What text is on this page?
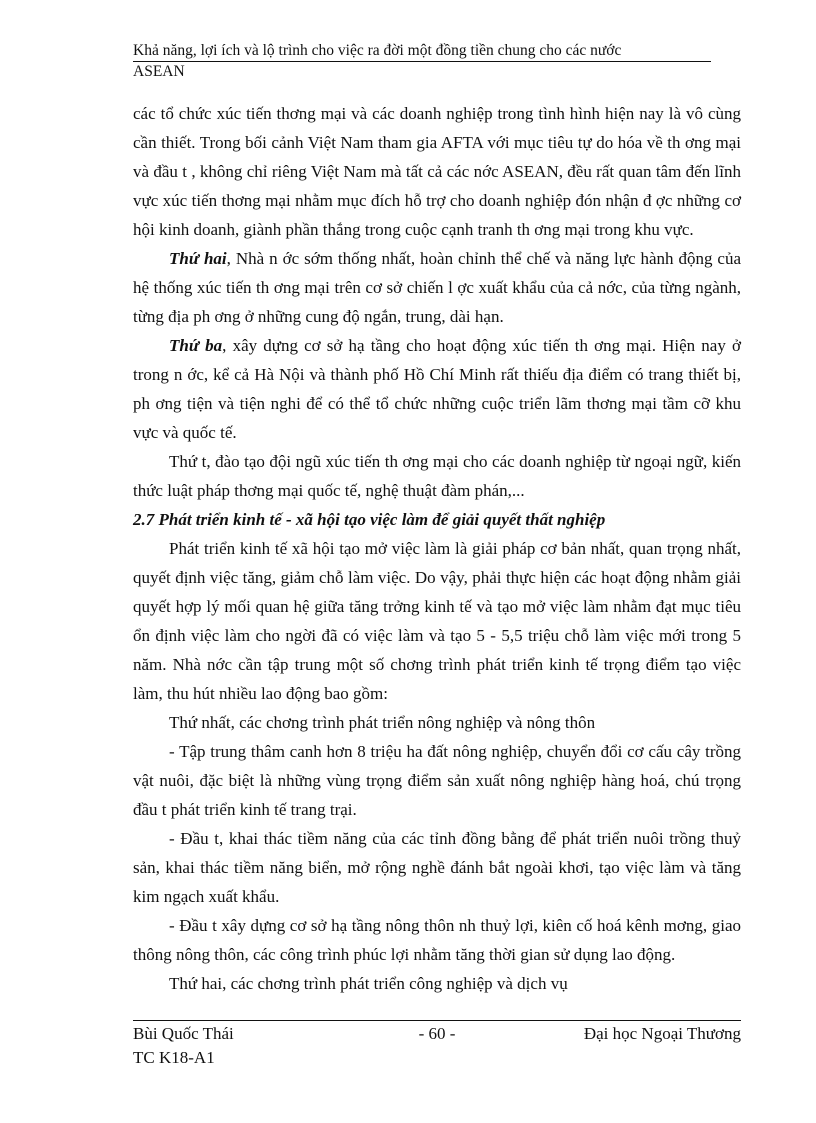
Khả năng, lợi ích và lộ trình cho việc ra đời một đồng tiền chung cho các nước
ASEAN

các tổ chức xúc tiến thơng mại và các doanh nghiệp trong tình hình hiện nay là vô cùng cần thiết. Trong bối cảnh Việt Nam tham gia AFTA với mục tiêu tự do hóa về th ơng mại và đầu t , không chỉ riêng Việt Nam mà tất cả các nớc ASEAN, đều rất quan tâm đến lĩnh vực xúc tiến thơng mại nhằm mục đích hỗ trợ cho doanh nghiệp đón nhận đ ợc những cơ hội kinh doanh, giành phần thắng trong cuộc cạnh tranh th ơng mại trong khu vực.

Thứ hai, Nhà n ớc sớm thống nhất, hoàn chỉnh thể chế và năng lực hành động của hệ thống xúc tiến th ơng mại trên cơ sở chiến l ợc xuất khẩu của cả nớc, của từng ngành, từng địa ph ơng ở những cung độ ngắn, trung, dài hạn.

Thứ ba, xây dựng cơ sở hạ tầng cho hoạt động xúc tiến th ơng mại. Hiện nay ở trong n ớc, kể cả Hà Nội và thành phố Hồ Chí Minh rất thiếu địa điểm có trang thiết bị, ph ơng tiện và tiện nghi để có thể tổ chức những cuộc triển lãm thơng mại tầm cỡ khu vực và quốc tế.

Thứ t, đào tạo đội ngũ xúc tiến th ơng mại cho các doanh nghiệp từ ngoại ngữ, kiến thức luật pháp thơng mại quốc tế, nghệ thuật đàm phán,...

2.7 Phát triển kinh tế - xã hội tạo việc làm để giải quyết thất nghiệp

Phát triển kinh tế xã hội tạo mở việc làm là giải pháp cơ bản nhất, quan trọng nhất, quyết định việc tăng, giảm chỗ làm việc. Do vậy, phải thực hiện các hoạt động nhằm giải quyết hợp lý mối quan hệ giữa tăng trởng kinh tế và tạo mở việc làm nhằm đạt mục tiêu ổn định việc làm cho ngời đã có việc làm và tạo 5 - 5,5 triệu chỗ làm việc mới trong 5 năm. Nhà nớc cần tập trung một số chơng trình phát triển kinh tế trọng điểm tạo việc làm, thu hút nhiều lao động bao gồm:

Thứ nhất, các chơng trình phát triển nông nghiệp và nông thôn

- Tập trung thâm canh hơn 8 triệu ha đất nông nghiệp, chuyển đổi cơ cấu cây trồng vật nuôi, đặc biệt là những vùng trọng điểm sản xuất nông nghiệp hàng hoá, chú trọng đầu t phát triển kinh tế trang trại.

- Đầu t, khai thác tiềm năng của các tỉnh đồng bằng để phát triển nuôi trồng thuỷ sản, khai thác tiềm năng biển, mở rộng nghề đánh bắt ngoài khơi, tạo việc làm và tăng kim ngạch xuất khẩu.

- Đầu t xây dựng cơ sở hạ tầng nông thôn nh thuỷ lợi, kiên cố hoá kênh mơng, giao thông nông thôn, các công trình phúc lợi nhằm tăng thời gian sử dụng lao động.

Thứ hai, các chơng trình phát triển công nghiệp và dịch vụ

Bùi Quốc Thái	- 60 -	Đại học Ngoại Thương
TC K18-A1
